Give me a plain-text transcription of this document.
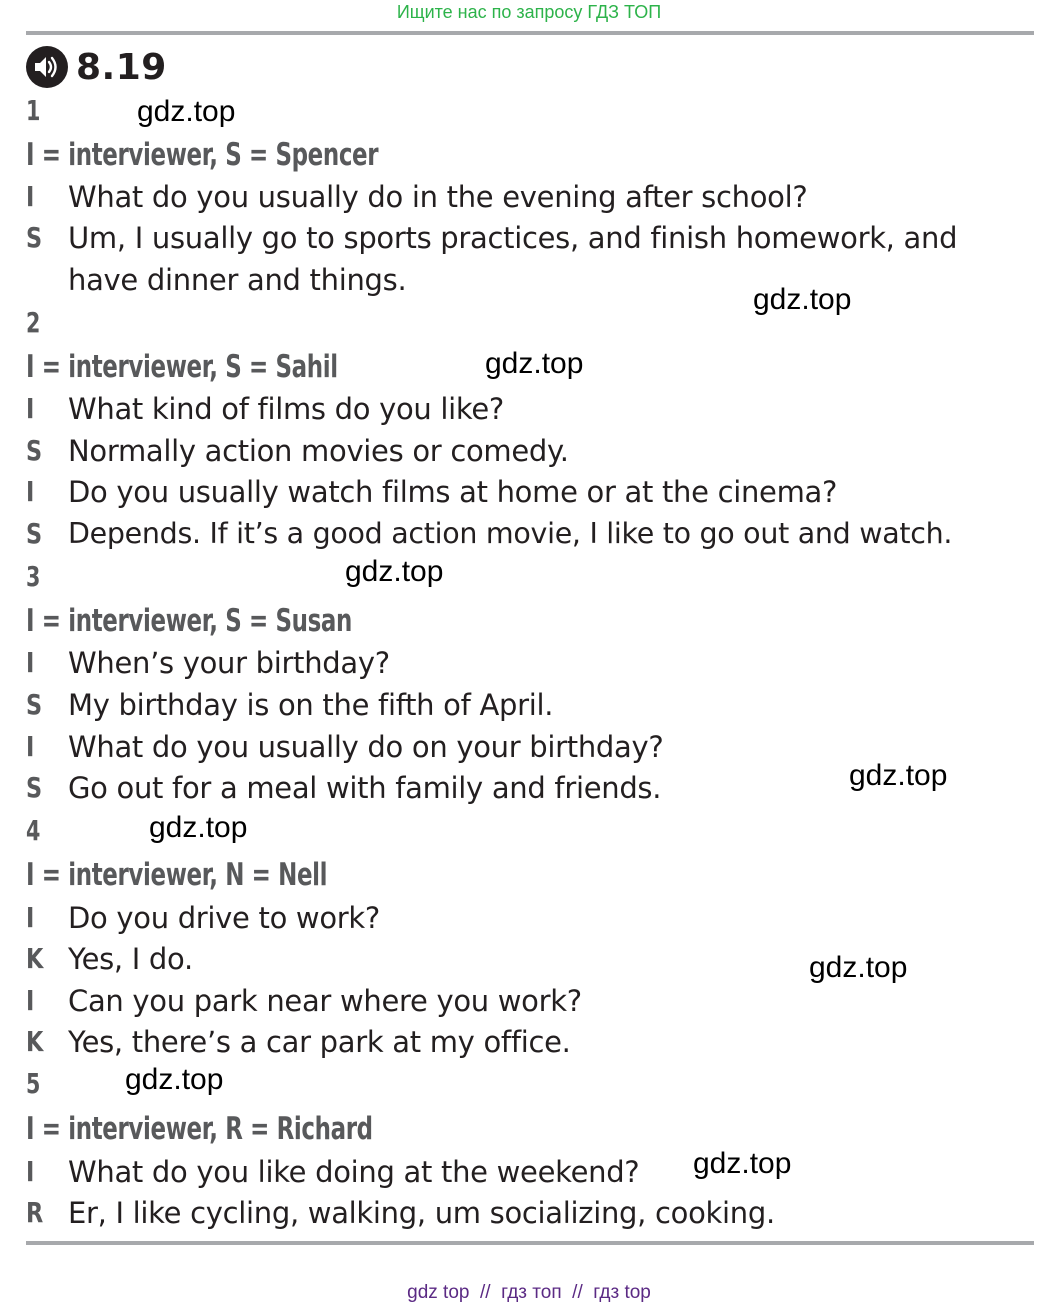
Ищите нас по запросу ГДЗ ТОП
8.19
1
I = interviewer, S = Spencer
I	What do you usually do in the evening after school?
S Um, I usually go to sports practices, and finish homework, and
have dinner and things.
2
I = interviewer, S = Sahil
I	What kind of films do you like?
S Normally action movies or comedy.
I	Do you usually watch films at home or at the cinema?
S Depends. If it’s a good action movie, I like to go out and watch.
3
I = interviewer, S = Susan
I	When’s your birthday?
S My birthday is on the fifth of April.
I	What do you usually do on your birthday?
S Go out for a meal with family and friends.
4
I = interviewer, N = Nell
I	Do you drive to work?
K Yes, I do.
I	Can you park near where you work?
K Yes, there’s a car park at my office.
5
I = interviewer, R = Richard
I	What do you like doing at the weekend?
R Er, I like cycling, walking, um socializing, cooking.
gdz.top
gdz.top
gdz.top
gdz.top
gdz.top
gdz.top
gdz.top
gdz.top
gdz.top
gdz top  //  гдз топ  //  гдз top
